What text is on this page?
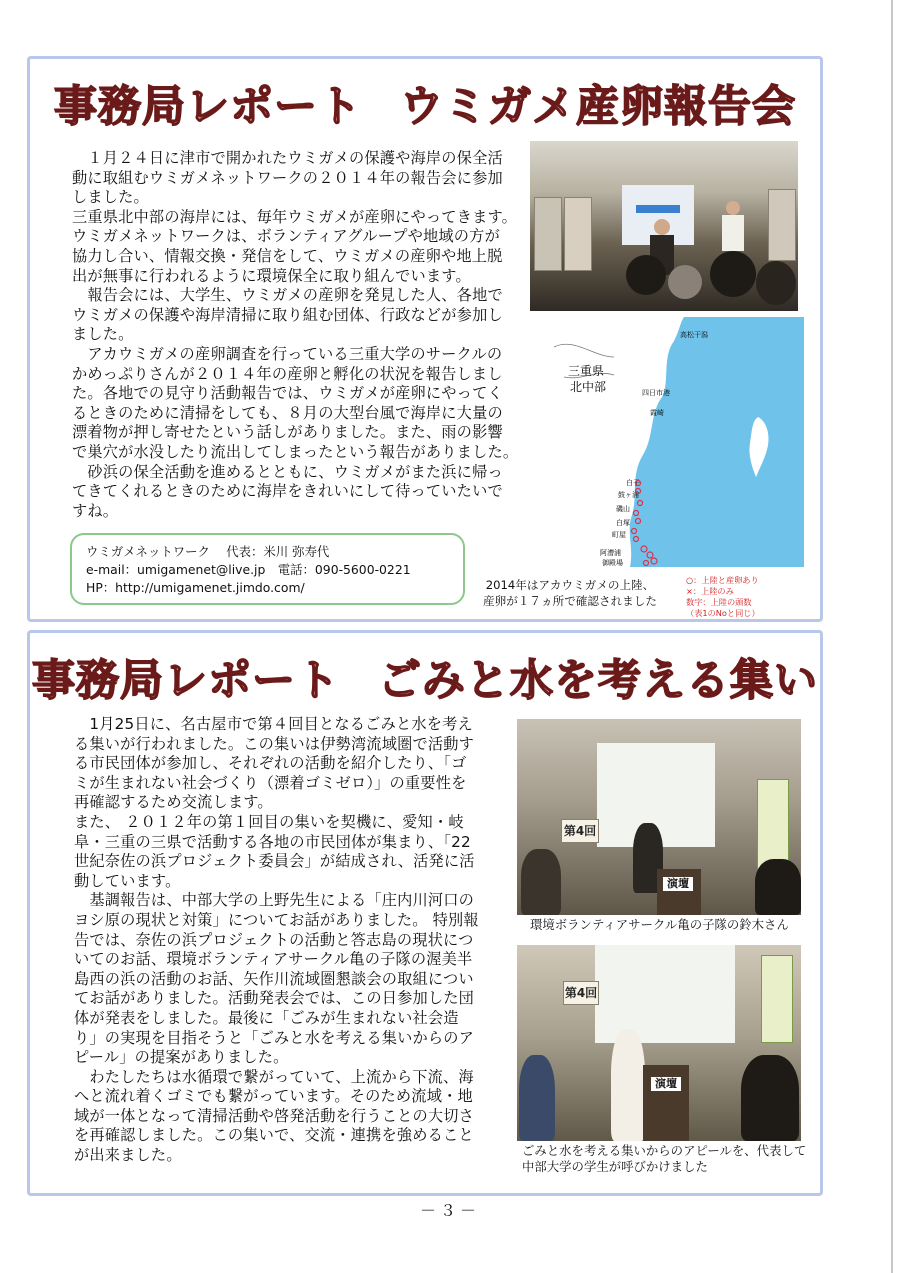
事務局レポート ウミガメ産卵報告会
　１月２４日に津市で開かれたウミガメの保護や海岸の保全活
動に取組むウミガメネットワークの２０１４年の報告会に参加
しました。
三重県北中部の海岸には、毎年ウミガメが産卵にやってきます。
ウミガメネットワークは、ボランティアグループや地域の方が
協力し合い、情報交換・発信をして、ウミガメの産卵や地上脱
出が無事に行われるように環境保全に取り組んでいます。
　報告会には、大学生、ウミガメの産卵を発見した人、各地で
ウミガメの保護や海岸清掃に取り組む団体、行政などが参加し
ました。
　アカウミガメの産卵調査を行っている三重大学のサークルの
かめっぷりさんが２０１４年の産卵と孵化の状況を報告しまし
た。各地での見守り活動報告では、ウミガメが産卵にやってく
るときのために清掃をしても、８月の大型台風で海岸に大量の
漂着物が押し寄せたという話しがありました。また、雨の影響
で巣穴が水没したり流出してしまったという報告がありました。
　砂浜の保全活動を進めるとともに、ウミガメがまた浜に帰っ
てきてくれるときのために海岸をきれいにして待っていたいで
すね。
三重県
北中部
高松干潟
四日市港
霞崎
白子
鼓ヶ浦
磯山
白塚
町屋
阿漕浦
御殿場
2014年はアカウミガメの上陸、
産卵が１７ヵ所で確認されました
○：上陸と産卵あり
×：上陸のみ
数字：上陸の頭数
（表1のNoと同じ）
ウミガメネットワーク　 代表：米川 弥寿代
e-mail：umigamenet@live.jp　電話：090-5600-0221
HP：http://umigamenet.jimdo.com/
事務局レポート ごみと水を考える集い
　1月25日に、名古屋市で第４回目となるごみと水を考え
る集いが行われました。この集いは伊勢湾流域圏で活動す
る市民団体が参加し、それぞれの活動を紹介したり、「ゴ
ミが生まれない社会づくり（漂着ゴミゼロ）」の重要性を
再確認するため交流します。
また、 ２０１２年の第１回目の集いを契機に、愛知・岐
阜・三重の三県で活動する各地の市民団体が集まり、「22
世紀奈佐の浜プロジェクト委員会」が結成され、活発に活
動しています。
　基調報告は、中部大学の上野先生による「庄内川河口の
ヨシ原の現状と対策」についてお話がありました。 特別報
告では、奈佐の浜プロジェクトの活動と答志島の現状につ
いてのお話、環境ボランティアサークル亀の子隊の渥美半
島西の浜の活動のお話、矢作川流域圏懇談会の取組につい
てお話がありました。活動発表会では、この日参加した団
体が発表をしました。最後に「ごみが生まれない社会造
り」の実現を目指そうと「ごみと水を考える集いからのア
ピール」の提案がありました。
　わたしたちは水循環で繋がっていて、上流から下流、海
へと流れ着くゴミでも繋がっています。そのため流域・地
域が一体となって清掃活動や啓発活動を行うことの大切さ
を再確認しました。この集いで、交流・連携を強めること
が出来ました。
第4回
演壇
環境ボランティアサークル亀の子隊の鈴木さん
第4回
演壇
ごみと水を考える集いからのアピールを、代表して
中部大学の学生が呼びかけました
－３－
